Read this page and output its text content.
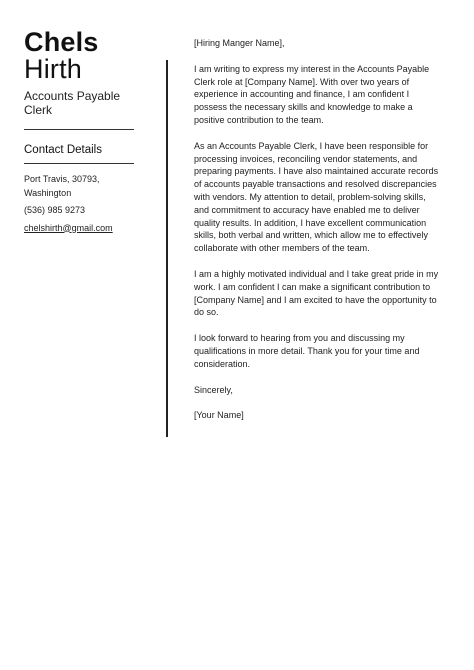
Chels
Hirth
Accounts Payable Clerk
Contact Details
Port Travis, 30793, Washington
(536) 985 9273
chelshirth@gmail.com

[Hiring Manger Name],

I am writing to express my interest in the Accounts Payable Clerk role at [Company Name]. With over two years of experience in accounting and finance, I am confident I possess the necessary skills and knowledge to make a positive contribution to the team.

As an Accounts Payable Clerk, I have been responsible for processing invoices, reconciling vendor statements, and preparing payments. I have also maintained accurate records of accounts payable transactions and resolved discrepancies with vendors. My attention to detail, problem-solving skills, and commitment to accuracy have enabled me to deliver quality results. In addition, I have excellent communication skills, both verbal and written, which allow me to effectively collaborate with other members of the team.

I am a highly motivated individual and I take great pride in my work. I am confident I can make a significant contribution to [Company Name] and I am excited to have the opportunity to do so.

I look forward to hearing from you and discussing my qualifications in more detail. Thank you for your time and consideration.

Sincerely,

[Your Name]
